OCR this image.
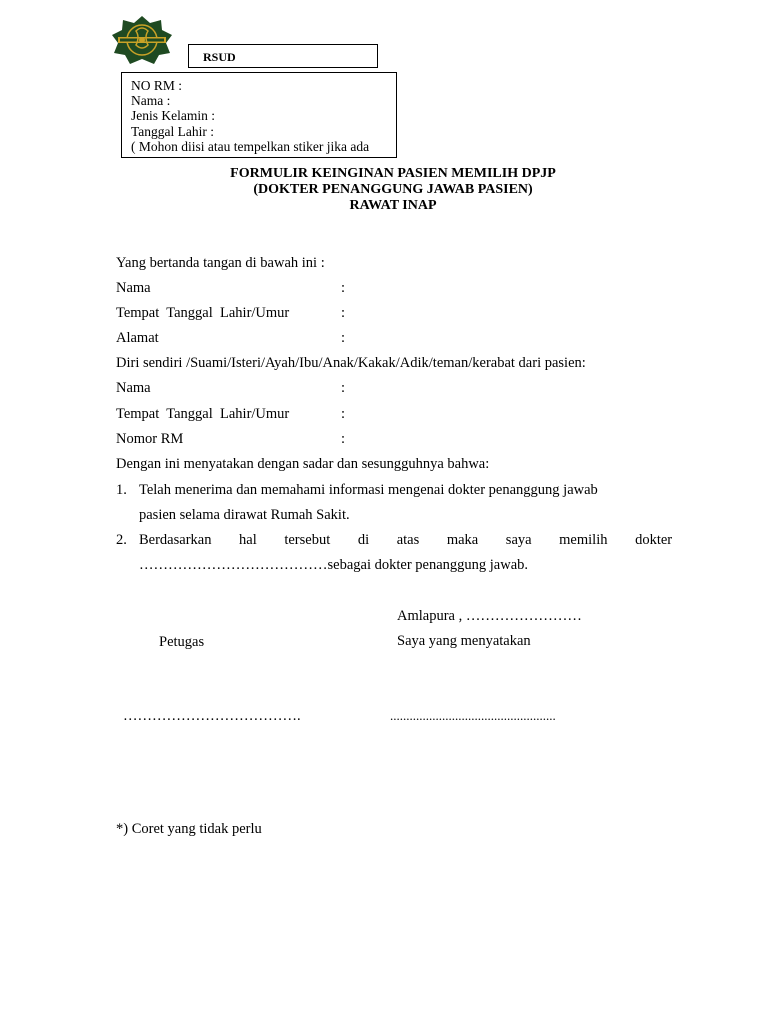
RSUD
NO RM :
Nama :
Jenis Kelamin :
Tanggal Lahir :
( Mohon diisi atau tempelkan stiker jika ada
FORMULIR KEINGINAN PASIEN MEMILIH DPJP
(DOKTER PENANGGUNG JAWAB PASIEN)
RAWAT INAP
Yang bertanda tangan di bawah ini :
Nama	:
Tempat  Tanggal  Lahir/Umur	:
Alamat	:
Diri sendiri /Suami/Isteri/Ayah/Ibu/Anak/Kakak/Adik/teman/kerabat dari pasien:
Nama	:
Tempat  Tanggal  Lahir/Umur	:
Nomor RM	:
Dengan ini menyatakan dengan sadar dan sesungguhnya bahwa:
1. Telah menerima dan memahami informasi mengenai dokter penanggung jawab
pasien selama dirawat Rumah Sakit.
2. Berdasarkan hal tersebut di atas maka saya memilih dokter
…………………………………sebagai dokter penanggung jawab.
Amlapura , ……………………
Petugas	Saya yang menyatakan
……………………………….	...................................................
*) Coret yang tidak perlu
